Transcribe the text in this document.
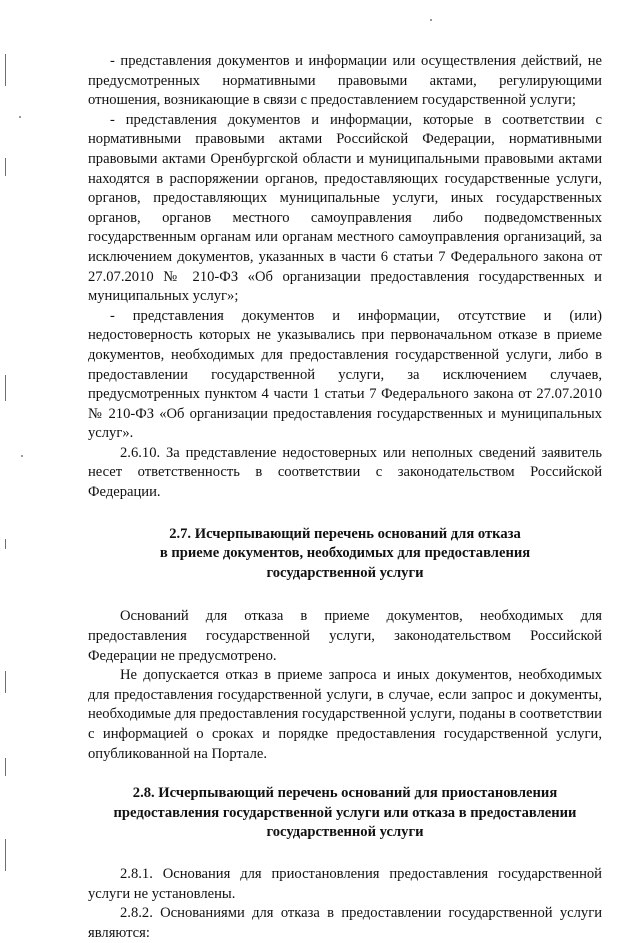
- представления документов и информации или осуществления действий, не предусмотренных нормативными правовыми актами, регулирующими отношения, возникающие в связи с предоставлением государственной услуги;

- представления документов и информации, которые в соответствии с нормативными правовыми актами Российской Федерации, нормативными правовыми актами Оренбургской области и муниципальными правовыми актами находятся в распоряжении органов, предоставляющих государственные услуги, органов, предоставляющих муниципальные услуги, иных государственных органов, органов местного самоуправления либо подведомственных государственным органам или органам местного самоуправления организаций, за исключением документов, указанных в части 6 статьи 7 Федерального закона от 27.07.2010 № 210-ФЗ «Об организации предоставления государственных и муниципальных услуг»;

- представления документов и информации, отсутствие и (или) недостоверность которых не указывались при первоначальном отказе в приеме документов, необходимых для предоставления государственной услуги, либо в предоставлении государственной услуги, за исключением случаев, предусмотренных пунктом 4 части 1 статьи 7 Федерального закона от 27.07.2010 № 210-ФЗ «Об организации предоставления государственных и муниципальных услуг».

2.6.10. За представление недостоверных или неполных сведений заявитель несет ответственность в соответствии с законодательством Российской Федерации.

2.7. Исчерпывающий перечень оснований для отказа
в приеме документов, необходимых для предоставления
государственной услуги

Оснований для отказа в приеме документов, необходимых для предоставления государственной услуги, законодательством Российской Федерации не предусмотрено.

Не допускается отказ в приеме запроса и иных документов, необходимых для предоставления государственной услуги, в случае, если запрос и документы, необходимые для предоставления государственной услуги, поданы в соответствии с информацией о сроках и порядке предоставления государственной услуги, опубликованной на Портале.

2.8. Исчерпывающий перечень оснований для приостановления
предоставления государственной услуги или отказа в предоставлении
государственной услуги

2.8.1. Основания для приостановления предоставления государственной услуги не установлены.

2.8.2. Основаниями для отказа в предоставлении государственной услуги являются:
